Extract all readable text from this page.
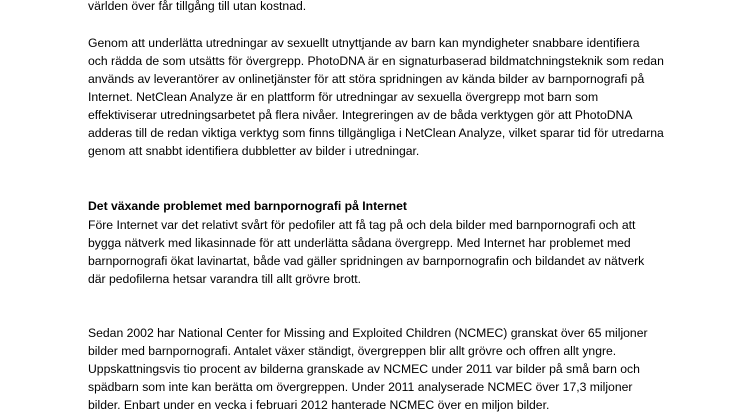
världen över får tillgång till utan kostnad.

Genom att underlätta utredningar av sexuellt utnyttjande av barn kan myndigheter snabbare identifiera
och rädda de som utsätts för övergrepp. PhotoDNA är en signaturbaserad bildmatchningsteknik som redan
används av leverantörer av onlinetjänster för att störa spridningen av kända bilder av barnpornografi på
Internet. NetClean Analyze är en plattform för utredningar av sexuella övergrepp mot barn som
effektiviserar utredningsarbetet på flera nivåer. Integreringen av de båda verktygen gör att PhotoDNA
adderas till de redan viktiga verktyg som finns tillgängliga i NetClean Analyze, vilket sparar tid för utredarna
genom att snabbt identifiera dubbletter av bilder i utredningar.

Det växande problemet med barnpornografi på Internet

Före Internet var det relativt svårt för pedofiler att få tag på och dela bilder med barnpornografi och att
bygga nätverk med likasinnade för att underlätta sådana övergrepp. Med Internet har problemet med
barnpornografi ökat lavinartat, både vad gäller spridningen av barnpornografin och bildandet av nätverk
där pedofilerna hetsar varandra till allt grövre brott.

Sedan 2002 har National Center for Missing and Exploited Children (NCMEC) granskat över 65 miljoner
bilder med barnpornografi. Antalet växer ständigt, övergreppen blir allt grövre och offren allt yngre.
Uppskattningsvis tio procent av bilderna granskade av NCMEC under 2011 var bilder på små barn och
spädbarn som inte kan berätta om övergreppen. Under 2011 analyserade NCMEC över 17,3 miljoner
bilder. Enbart under en vecka i februari 2012 hanterade NCMEC över en miljon bilder.
